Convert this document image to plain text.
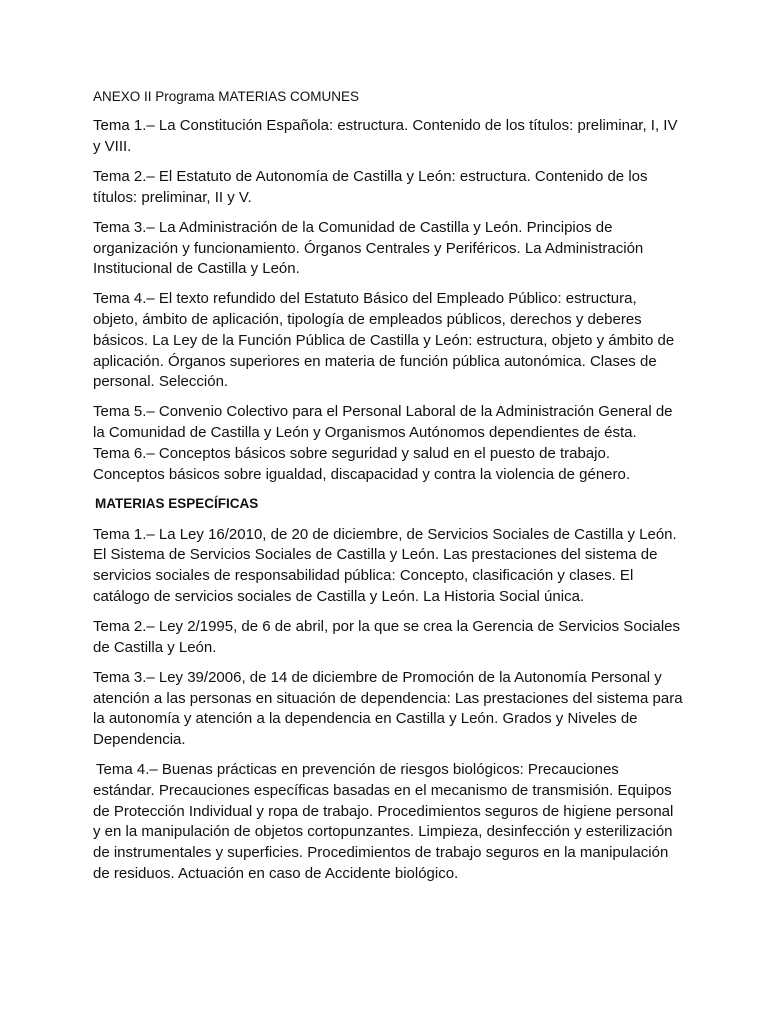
ANEXO II Programa MATERIAS COMUNES

Tema 1.– La Constitución Española: estructura. Contenido de los títulos: preliminar, I, IV y VIII.

Tema 2.– El Estatuto de Autonomía de Castilla y León: estructura. Contenido de los títulos: preliminar, II y V.

Tema 3.– La Administración de la Comunidad de Castilla y León. Principios de organización y funcionamiento. Órganos Centrales y Periféricos. La Administración Institucional de Castilla y León.

Tema 4.– El texto refundido del Estatuto Básico del Empleado Público: estructura, objeto, ámbito de aplicación, tipología de empleados públicos, derechos y deberes básicos. La Ley de la Función Pública de Castilla y León: estructura, objeto y ámbito de aplicación. Órganos superiores en materia de función pública autonómica. Clases de personal. Selección.

Tema 5.– Convenio Colectivo para el Personal Laboral de la Administración General de la Comunidad de Castilla y León y Organismos Autónomos dependientes de ésta.

Tema 6.– Conceptos básicos sobre seguridad y salud en el puesto de trabajo. Conceptos básicos sobre igualdad, discapacidad y contra la violencia de género.

MATERIAS ESPECÍFICAS

Tema 1.– La Ley 16/2010, de 20 de diciembre, de Servicios Sociales de Castilla y León. El Sistema de Servicios Sociales de Castilla y León. Las prestaciones del sistema de servicios sociales de responsabilidad pública: Concepto, clasificación y clases. El catálogo de servicios sociales de Castilla y León. La Historia Social única.

Tema 2.– Ley 2/1995, de 6 de abril, por la que se crea la Gerencia de Servicios Sociales de Castilla y León.

Tema 3.– Ley 39/2006, de 14 de diciembre de Promoción de la Autonomía Personal y atención a las personas en situación de dependencia: Las prestaciones del sistema para la autonomía y atención a la dependencia en Castilla y León. Grados y Niveles de Dependencia.

Tema 4.– Buenas prácticas en prevención de riesgos biológicos: Precauciones estándar. Precauciones específicas basadas en el mecanismo de transmisión. Equipos de Protección Individual y ropa de trabajo. Procedimientos seguros de higiene personal y en la manipulación de objetos cortopunzantes. Limpieza, desinfección y esterilización de instrumentales y superficies. Procedimientos de trabajo seguros en la manipulación de residuos. Actuación en caso de Accidente biológico.
